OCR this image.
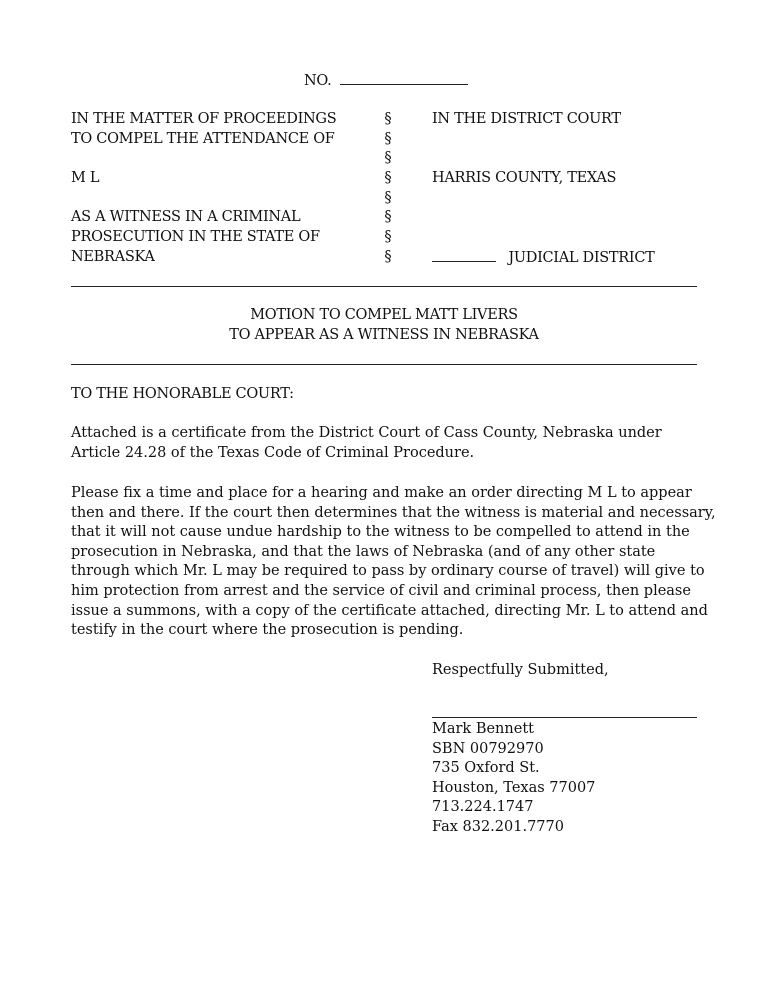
NO.
IN THE MATTER OF PROCEEDINGS
TO COMPEL THE ATTENDANCE OF
M L
AS A WITNESS IN A CRIMINAL
PROSECUTION IN THE STATE OF
NEBRASKA
§
§
§
§
§
§
§
§
IN THE DISTRICT COURT
HARRIS COUNTY, TEXAS
JUDICIAL DISTRICT
MOTION TO COMPEL MATT LIVERS
TO APPEAR AS A WITNESS IN NEBRASKA
TO THE HONORABLE COURT:
Attached is a certificate from the District Court of Cass County, Nebraska under
Article 24.28 of the Texas Code of Criminal Procedure.
Please fix a time and place for a hearing and make an order directing M L to appear
then and there. If the court then determines that the witness is material and necessary,
that it will not cause undue hardship to the witness to be compelled to attend in the
prosecution in Nebraska, and that the laws of Nebraska (and of any other state
through which Mr. L may be required to pass by ordinary course of travel) will give to
him protection from arrest and the service of civil and criminal process, then please
issue a summons, with a copy of the certificate attached, directing Mr. L to attend and
testify in the court where the prosecution is pending.
Respectfully Submitted,
Mark Bennett
SBN 00792970
735 Oxford St.
Houston, Texas 77007
713.224.1747
Fax 832.201.7770
